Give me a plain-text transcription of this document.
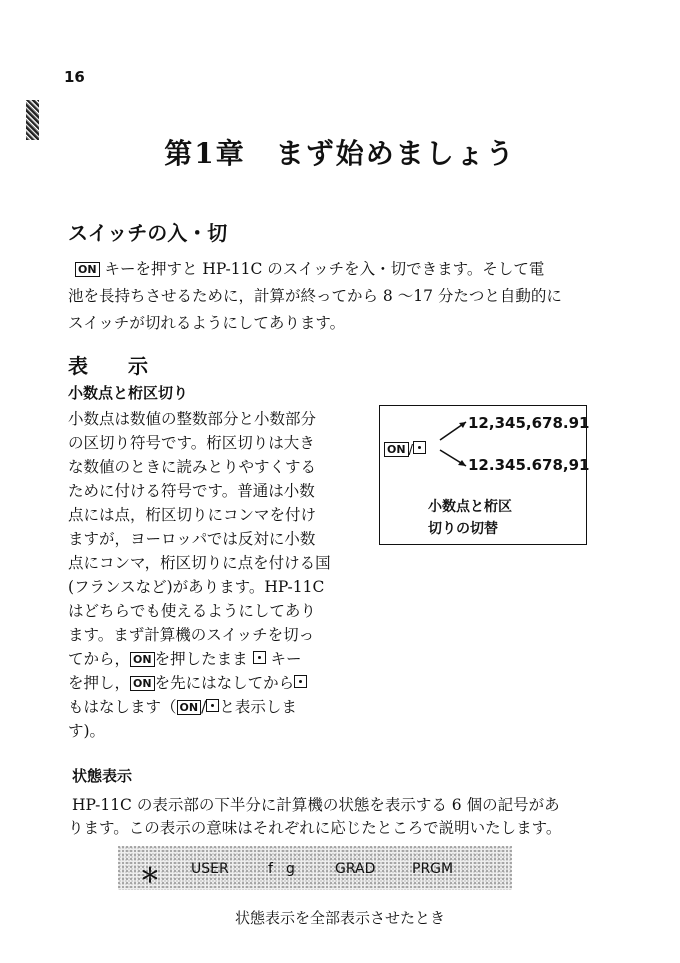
16
第1章　まず始めましょう
スイッチの入・切
ON キーを押すと HP-11C のスイッチを入・切できます。そして電
池を長持ちさせるために，計算が終ってから 8 ～17 分たつと自動的に
スイッチが切れるようにしてあります。
表　　示
小数点と桁区切り
小数点は数値の整数部分と小数部分
の区切り符号です。桁区切りは大き
な数値のときに読みとりやすくする
ために付ける符号です。普通は小数
点には点，桁区切りにコンマを付け
ますが，ヨーロッパでは反対に小数
点にコンマ，桁区切りに点を付ける国
(フランスなど)があります。HP-11C
はどちらでも使えるようにしてあり
ます。まず計算機のスイッチを切っ
てから， ON を押したまま  キー
を押し， ON を先にはなしてから
もはなします（ ON / と表示しま
す)。
ON /
12,345,678.91
12.345.678,91
小数点と桁区
切りの切替
状態表示
HP-11C の表示部の下半分に計算機の状態を表示する 6 個の記号があ
ります。この表示の意味はそれぞれに応じたところで説明いたします。
＊ USER	f g	GRAD	PRGM
状態表示を全部表示させたとき
